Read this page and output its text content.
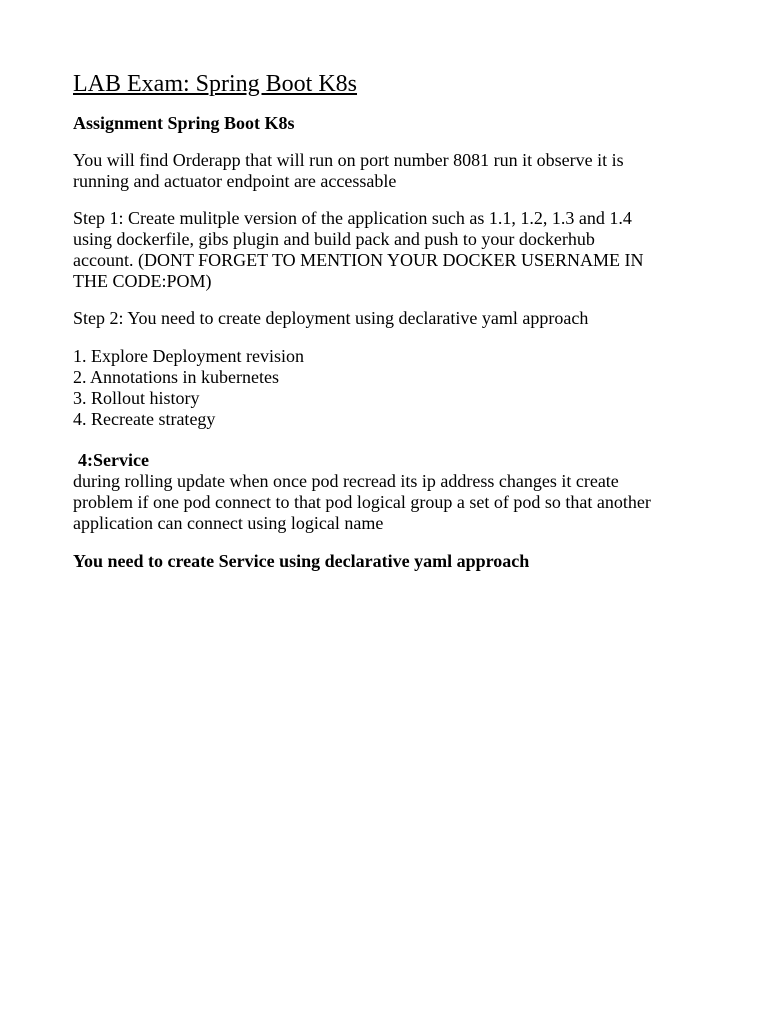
LAB Exam: Spring Boot K8s
Assignment Spring Boot K8s
You will find Orderapp that will run on port number 8081 run it observe it is
running and actuator endpoint are accessable
Step 1: Create mulitple version of the application such as 1.1, 1.2, 1.3 and 1.4
using dockerfile, gibs plugin and build pack and push to your dockerhub
account. (DONT FORGET TO MENTION YOUR DOCKER USERNAME IN
THE CODE:POM)
Step 2: You need to create deployment using declarative yaml approach
1. Explore Deployment revision
2. Annotations in kubernetes
3. Rollout history
4. Recreate strategy
4:Service
during rolling update when once pod recread its ip address changes it create
problem if one pod connect to that pod logical group a set of pod so that another
application can connect using logical name
You need to create Service using declarative yaml approach
